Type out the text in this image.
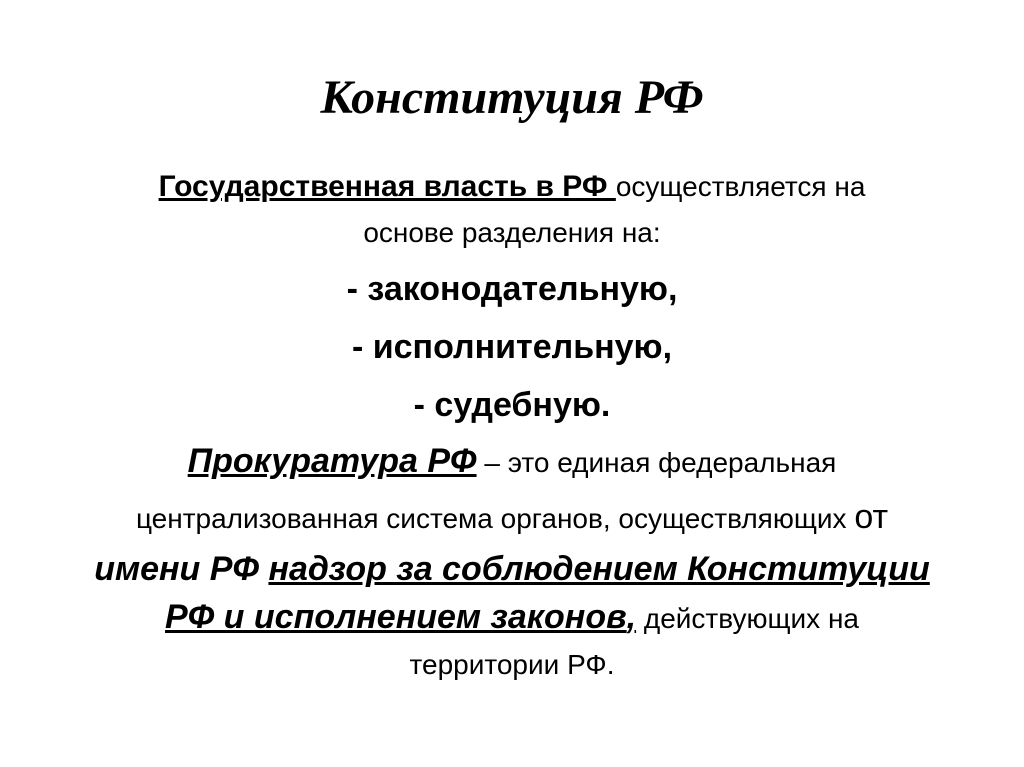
Конституция РФ
Государственная власть в РФ осуществляется на
основе разделения на:
- законодательную,
- исполнительную,
- судебную.
Прокуратура РФ – это единая федеральная
централизованная система органов, осуществляющих от
имени РФ надзор за соблюдением Конституции
РФ и исполнением законов, действующих на
территории РФ.
